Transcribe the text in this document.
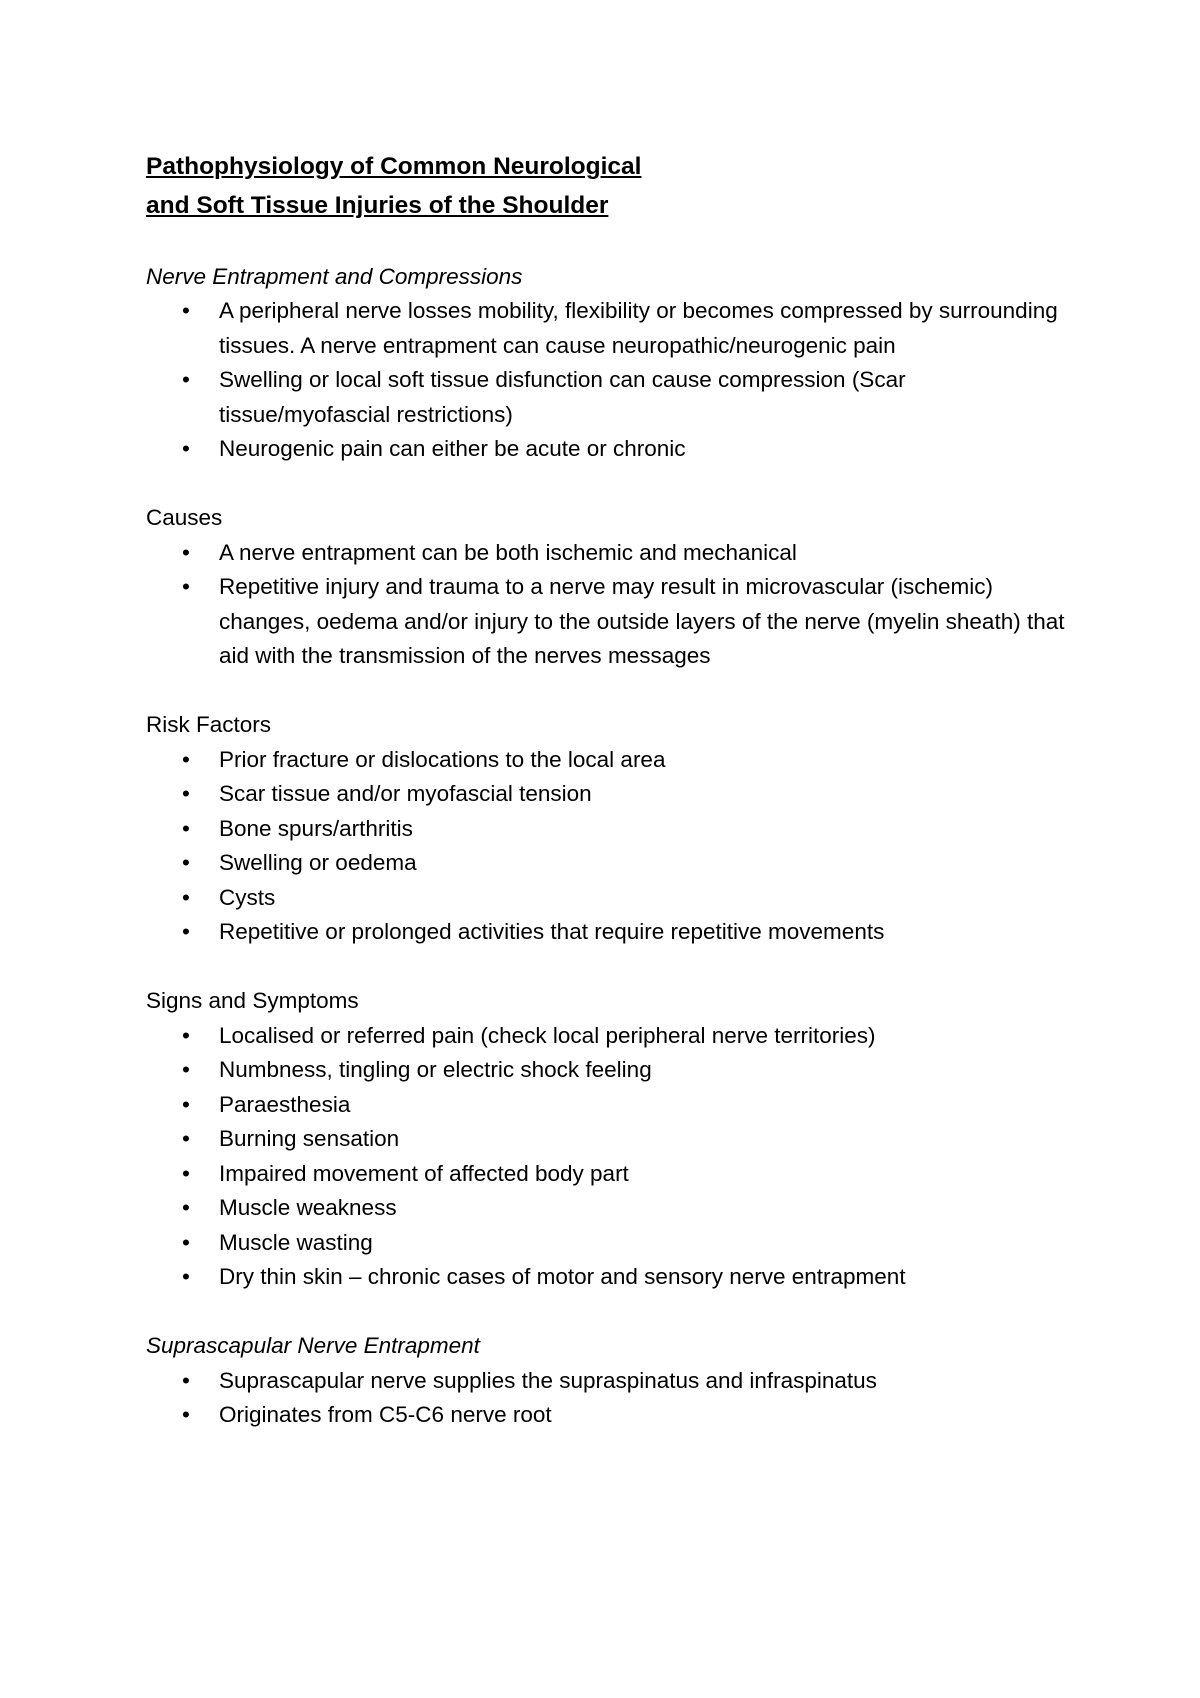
Pathophysiology of Common Neurological
and Soft Tissue Injuries of the Shoulder

Nerve Entrapment and Compressions

• A peripheral nerve losses mobility, flexibility or becomes compressed by surrounding tissues. A nerve entrapment can cause neuropathic/neurogenic pain
• Swelling or local soft tissue disfunction can cause compression (Scar tissue/myofascial restrictions)
• Neurogenic pain can either be acute or chronic

Causes

• A nerve entrapment can be both ischemic and mechanical
• Repetitive injury and trauma to a nerve may result in microvascular (ischemic) changes, oedema and/or injury to the outside layers of the nerve (myelin sheath) that aid with the transmission of the nerves messages

Risk Factors

• Prior fracture or dislocations to the local area
• Scar tissue and/or myofascial tension
• Bone spurs/arthritis
• Swelling or oedema
• Cysts
• Repetitive or prolonged activities that require repetitive movements

Signs and Symptoms

• Localised or referred pain (check local peripheral nerve territories)
• Numbness, tingling or electric shock feeling
• Paraesthesia
• Burning sensation
• Impaired movement of affected body part
• Muscle weakness
• Muscle wasting
• Dry thin skin – chronic cases of motor and sensory nerve entrapment

Suprascapular Nerve Entrapment

• Suprascapular nerve supplies the supraspinatus and infraspinatus
• Originates from C5-C6 nerve root
